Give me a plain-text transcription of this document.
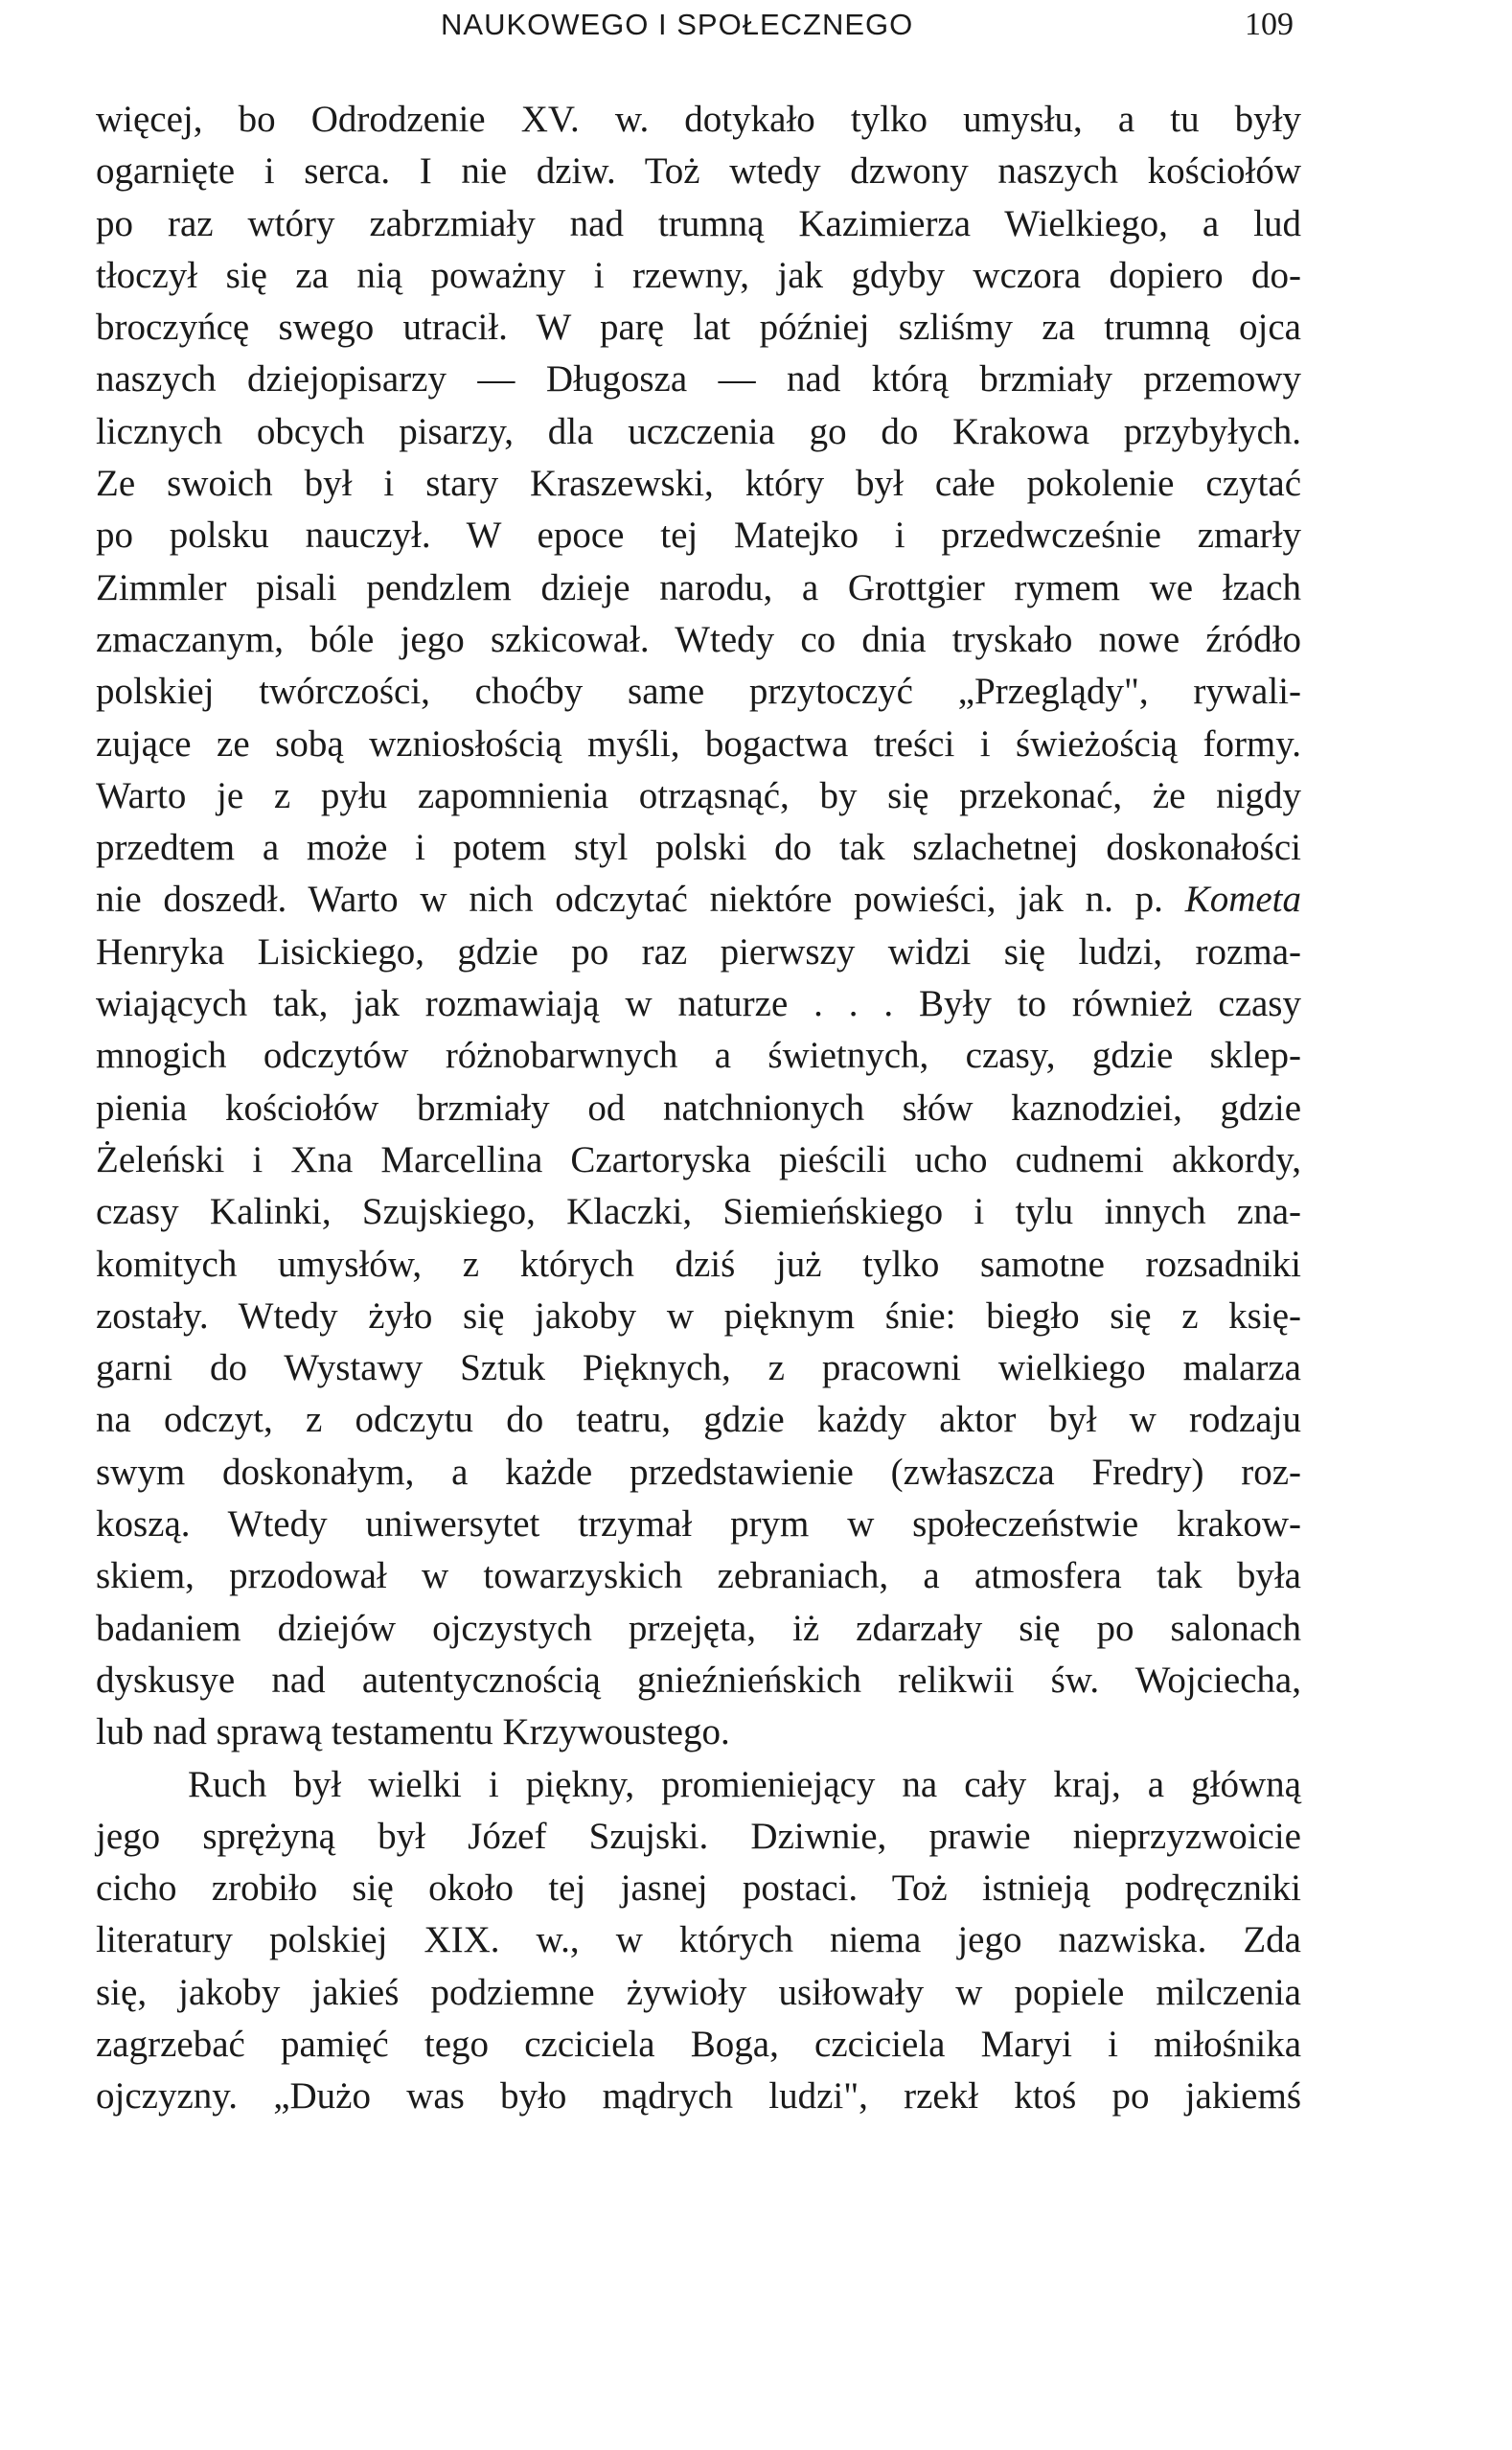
NAUKOWEGO I SPOŁECZNEGO	109
więcej, bo Odrodzenie XV. w. dotykało tylko umysłu, a tu były
ogarnięte i serca. I nie dziw. Toż wtedy dzwony naszych kościołów
po raz wtóry zabrzmiały nad trumną Kazimierza Wielkiego, a lud
tłoczył się za nią poważny i rzewny, jak gdyby wczora dopiero do-
broczyńcę swego utracił. W parę lat później szliśmy za trumną ojca
naszych dziejopisarzy — Długosza — nad którą brzmiały przemowy
licznych obcych pisarzy, dla uczczenia go do Krakowa przybyłych.
Ze swoich był i stary Kraszewski, który był całe pokolenie czytać
po polsku nauczył. W epoce tej Matejko i przedwcześnie zmarły
Zimmler pisali pendzlem dzieje narodu, a Grottgier rymem we łzach
zmaczanym, bóle jego szkicował. Wtedy co dnia tryskało nowe źródło
polskiej twórczości, choćby same przytoczyć „Przeglądy", rywali-
zujące ze sobą wzniosłością myśli, bogactwa treści i świeżością formy.
Warto je z pyłu zapomnienia otrząsnąć, by się przekonać, że nigdy
przedtem a może i potem styl polski do tak szlachetnej doskonałości
nie doszedł. Warto w nich odczytać niektóre powieści, jak n. p. Kometa
Henryka Lisickiego, gdzie po raz pierwszy widzi się ludzi, rozma-
wiających tak, jak rozmawiają w naturze . . . Były to również czasy
mnogich odczytów różnobarwnych a świetnych, czasy, gdzie sklep-
pienia kościołów brzmiały od natchnionych słów kaznodziei, gdzie
Żeleński i Xna Marcellina Czartoryska pieścili ucho cudnemi akkordy,
czasy Kalinki, Szujskiego, Klaczki, Siemieńskiego i tylu innych zna-
komitych umysłów, z których dziś już tylko samotne rozsadniki
zostały. Wtedy żyło się jakoby w pięknym śnie: biegło się z księ-
garni do Wystawy Sztuk Pięknych, z pracowni wielkiego malarza
na odczyt, z odczytu do teatru, gdzie każdy aktor był w rodzaju
swym doskonałym, a każde przedstawienie (zwłaszcza Fredry) roz-
koszą. Wtedy uniwersytet trzymał prym w społeczeństwie krakow-
skiem, przodował w towarzyskich zebraniach, a atmosfera tak była
badaniem dziejów ojczystych przejęta, iż zdarzały się po salonach
dyskusye nad autentycznością gnieźnieńskich relikwii św. Wojciecha,
lub nad sprawą testamentu Krzywoustego.
Ruch był wielki i piękny, promieniejący na cały kraj, a główną
jego sprężyną był Józef Szujski. Dziwnie, prawie nieprzyzwoicie
cicho zrobiło się około tej jasnej postaci. Toż istnieją podręczniki
literatury polskiej XIX. w., w których niema jego nazwiska. Zda
się, jakoby jakieś podziemne żywioły usiłowały w popiele milczenia
zagrzebać pamięć tego czciciela Boga, czciciela Maryi i miłośnika
ojczyzny. „Dużo was było mądrych ludzi", rzekł ktoś po jakiemś
